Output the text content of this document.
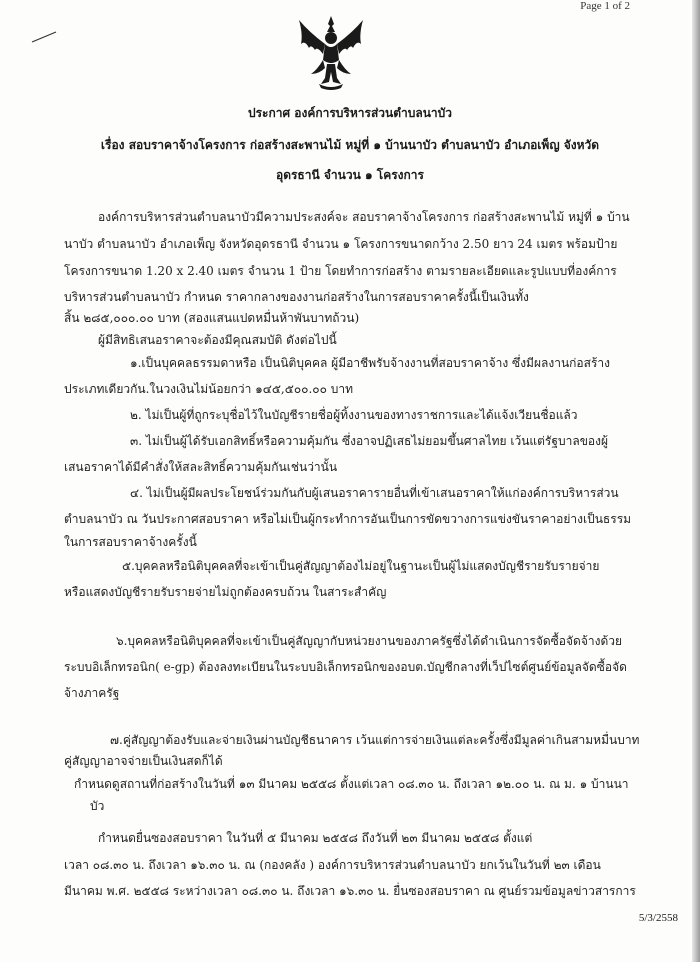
Page 1 of 2
ประกาศ องค์การบริหารส่วนตำบลนาบัว
เรื่อง สอบราคาจ้างโครงการ ก่อสร้างสะพานไม้ หมู่ที่ ๑ บ้านนาบัว ตำบลนาบัว อำเภอเพ็ญ จังหวัด
อุดรธานี จำนวน ๑ โครงการ
องค์การบริหารส่วนตำบลนาบัวมีความประสงค์จะ สอบราคาจ้างโครงการ ก่อสร้างสะพานไม้ หมู่ที่ ๑ บ้าน
นาบัว ตำบลนาบัว อำเภอเพ็ญ จังหวัดอุดรธานี จำนวน ๑ โครงการขนาดกว้าง 2.50 ยาว 24 เมตร พร้อมป้าย
โครงการขนาด 1.20 x 2.40 เมตร จำนวน 1 ป้าย โดยทำการก่อสร้าง ตามรายละเอียดและรูปแบบที่องค์การ
บริหารส่วนตำบลนาบัว กำหนด ราคากลางของงานก่อสร้างในการสอบราคาครั้งนี้เป็นเงินทั้ง
สิ้น ๒๘๕,๐๐๐.๐๐ บาท (สองแสนแปดหมื่นห้าพันบาทถ้วน)
ผู้มีสิทธิเสนอราคาจะต้องมีคุณสมบัติ ดังต่อไปนี้
๑.เป็นบุคคลธรรมดาหรือ เป็นนิติบุคคล ผู้มีอาชีพรับจ้างงานที่สอบราคาจ้าง ซึ่งมีผลงานก่อสร้าง
ประเภทเดียวกัน.ในวงเงินไม่น้อยกว่า ๑๔๕,๕๐๐.๐๐ บาท
๒. ไม่เป็นผู้ที่ถูกระบุชื่อไว้ในบัญชีรายชื่อผู้ทิ้งงานของทางราชการและได้แจ้งเวียนชื่อแล้ว
๓. ไม่เป็นผู้ได้รับเอกสิทธิ์หรือความคุ้มกัน ซึ่งอาจปฏิเสธไม่ยอมขึ้นศาลไทย เว้นแต่รัฐบาลของผู้
เสนอราคาได้มีคำสั่งให้สละสิทธิ์ความคุ้มกันเช่นว่านั้น
๔. ไม่เป็นผู้มีผลประโยชน์ร่วมกันกับผู้เสนอราคารายอื่นที่เข้าเสนอราคาให้แก่องค์การบริหารส่วน
ตำบลนาบัว ณ วันประกาศสอบราคา หรือไม่เป็นผู้กระทำการอันเป็นการขัดขวางการแข่งขันราคาอย่างเป็นธรรม
ในการสอบราคาจ้างครั้งนี้
๕.บุคคลหรือนิติบุคคลที่จะเข้าเป็นคู่สัญญาต้องไม่อยู่ในฐานะเป็นผู้ไม่แสดงบัญชีรายรับรายจ่าย
หรือแสดงบัญชีรายรับรายจ่ายไม่ถูกต้องครบถ้วน ในสาระสำคัญ
๖.บุคคลหรือนิติบุคคลที่จะเข้าเป็นคู่สัญญากับหน่วยงานของภาครัฐซึ่งได้ดำเนินการจัดซื้อจัดจ้างด้วย
ระบบอิเล็กทรอนิก( e-gp) ต้องลงทะเบียนในระบบอิเล็กทรอนิกของอบต.บัญชีกลางที่เว็ปไซต์ศูนย์ข้อมูลจัดซื้อจัด
จ้างภาครัฐ
๗.คู่สัญญาต้องรับและจ่ายเงินผ่านบัญชีธนาคาร เว้นแต่การจ่ายเงินแต่ละครั้งซึ่งมีมูลค่าเกินสามหมื่นบาท
คู่สัญญาอาจจ่ายเป็นเงินสดก็ได้
กำหนดดูสถานที่ก่อสร้างในวันที่ ๑๓ มีนาคม ๒๕๕๘ ตั้งแต่เวลา ๐๘.๓๐ น. ถึงเวลา ๑๒.๐๐ น. ณ ม. ๑ บ้านนา
บัว
กำหนดยื่นซองสอบราคา ในวันที่ ๕ มีนาคม ๒๕๕๘ ถึงวันที่ ๒๓ มีนาคม ๒๕๕๘ ตั้งแต่
เวลา ๐๘.๓๐ น. ถึงเวลา ๑๖.๓๐ น. ณ (กองคลัง ) องค์การบริหารส่วนตำบลนาบัว ยกเว้นในวันที่ ๒๓ เดือน
มีนาคม พ.ศ. ๒๕๕๘ ระหว่างเวลา ๐๘.๓๐ น. ถึงเวลา ๑๖.๓๐ น. ยื่นซองสอบราคา ณ ศูนย์รวมข้อมูลข่าวสารการ
5/3/2558
